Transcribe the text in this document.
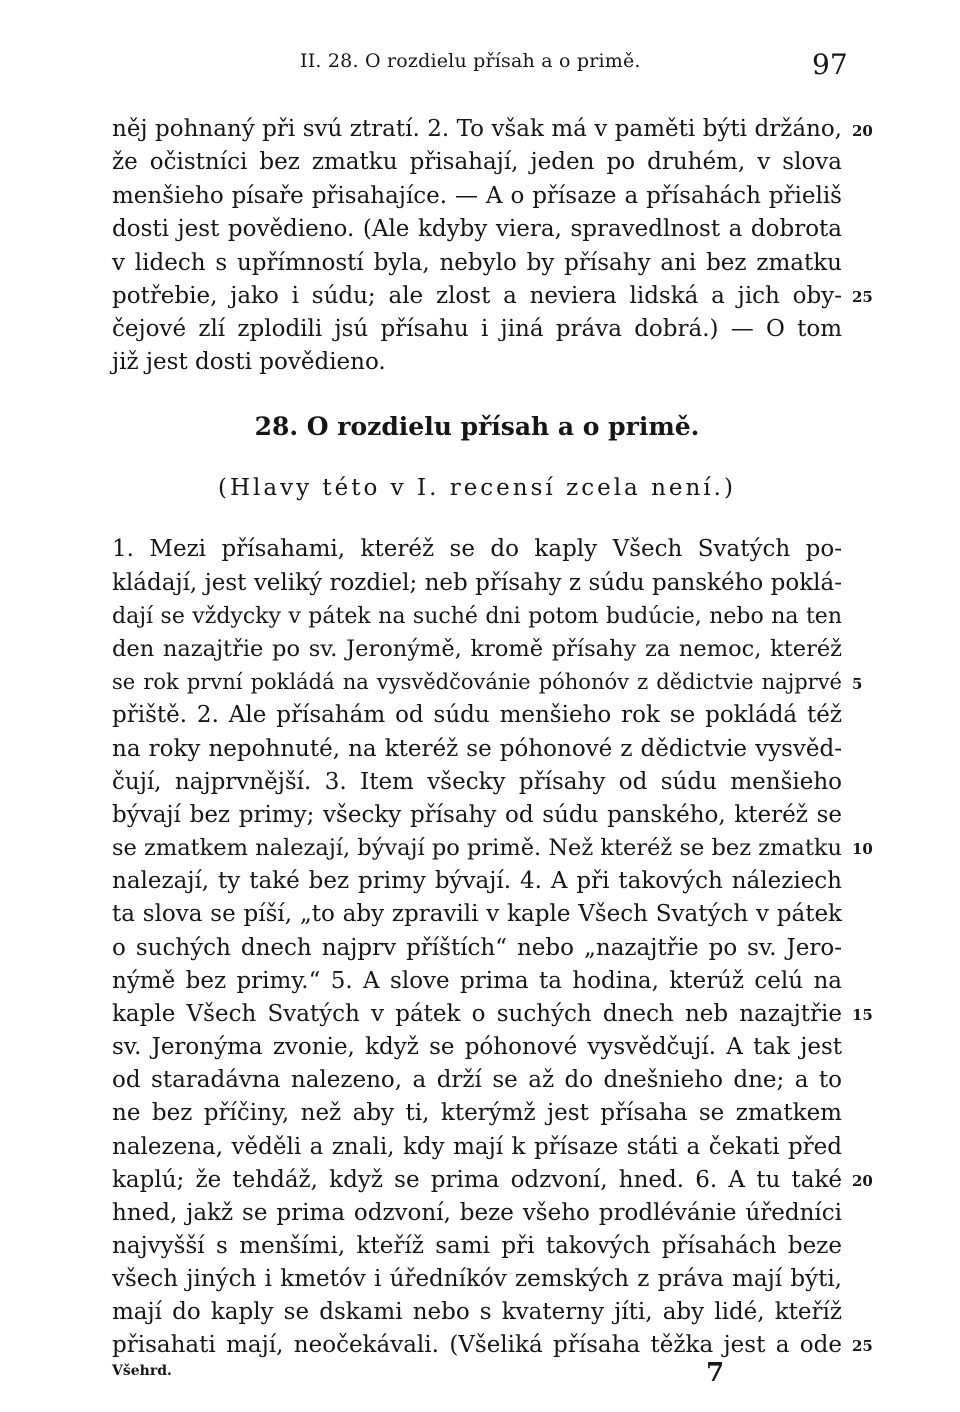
II. 28. O rozdielu přísah a o primě.	97
něj pohnaný při svú ztratí. 2. To však má v paměti býti držáno,
že očistníci bez zmatku přisahají, jeden po druhém, v slova
menšieho písaře přisahajíce. — A o přísaze a přísahách přieliš
dosti jest povědieno. (Ale kdyby viera, spravedlnost a dobrota
v lidech s upřímností byla, nebylo by přísahy ani bez zmatku
potřebie, jako i súdu; ale zlost a neviera lidská a jich oby-
čejové zlí zplodili jsú přísahu i jiná práva dobrá.) — O tom
již jest dosti povědieno.
28. O rozdielu přísah a o primě.
(Hlavy této v I. recensí zcela není.)
1. Mezi přísahami, kteréž se do kaply Všech Svatých po-
kládají, jest veliký rozdiel; neb přísahy z súdu panského poklá-
dají se vždycky v pátek na suché dni potom budúcie, nebo na ten
den nazajtřie po sv. Jeronýmě, kromě přísahy za nemoc, kteréž
se rok první pokládá na vysvědčovánie póhonóv z dědictvie najprvé
přiště. 2. Ale přísahám od súdu menšieho rok se pokládá též
na roky nepohnuté, na kteréž se póhonové z dědictvie vysvěd-
čují, najprvnější. 3. Item všecky přísahy od súdu menšieho
bývají bez primy; všecky přísahy od súdu panského, kteréž se
se zmatkem nalezají, bývají po primě. Než kteréž se bez zmatku
nalezají, ty také bez primy bývají. 4. A při takových náleziech
ta slova se píší, „to aby zpravili v kaple Všech Svatých v pátek
o suchých dnech najprv příštích“ nebo „nazajtřie po sv. Jero-
nýmě bez primy.“ 5. A slove prima ta hodina, kterúž celú na
kaple Všech Svatých v pátek o suchých dnech neb nazajtřie
sv. Jeronýma zvonie, když se póhonové vysvědčují. A tak jest
od staradávna nalezeno, a drží se až do dnešnieho dne; a to
ne bez příčiny, než aby ti, kterýmž jest přísaha se zmatkem
nalezena, věděli a znali, kdy mají k přísaze státi a čekati před
kaplú; že tehdáž, když se prima odzvoní, hned. 6. A tu také
hned, jakž se prima odzvoní, beze všeho prodlévánie úředníci
najvyšší s menšími, kteříž sami při takových přísahách beze
všech jiných i kmetóv i úředníkóv zemských z práva mají býti,
mají do kaply se dskami nebo s kvaterny jíti, aby lidé, kteříž
přisahati mají, neočekávali. (Všeliká přísaha těžka jest a ode
20
25
5
10
15
20
25
Všehrd.	7
